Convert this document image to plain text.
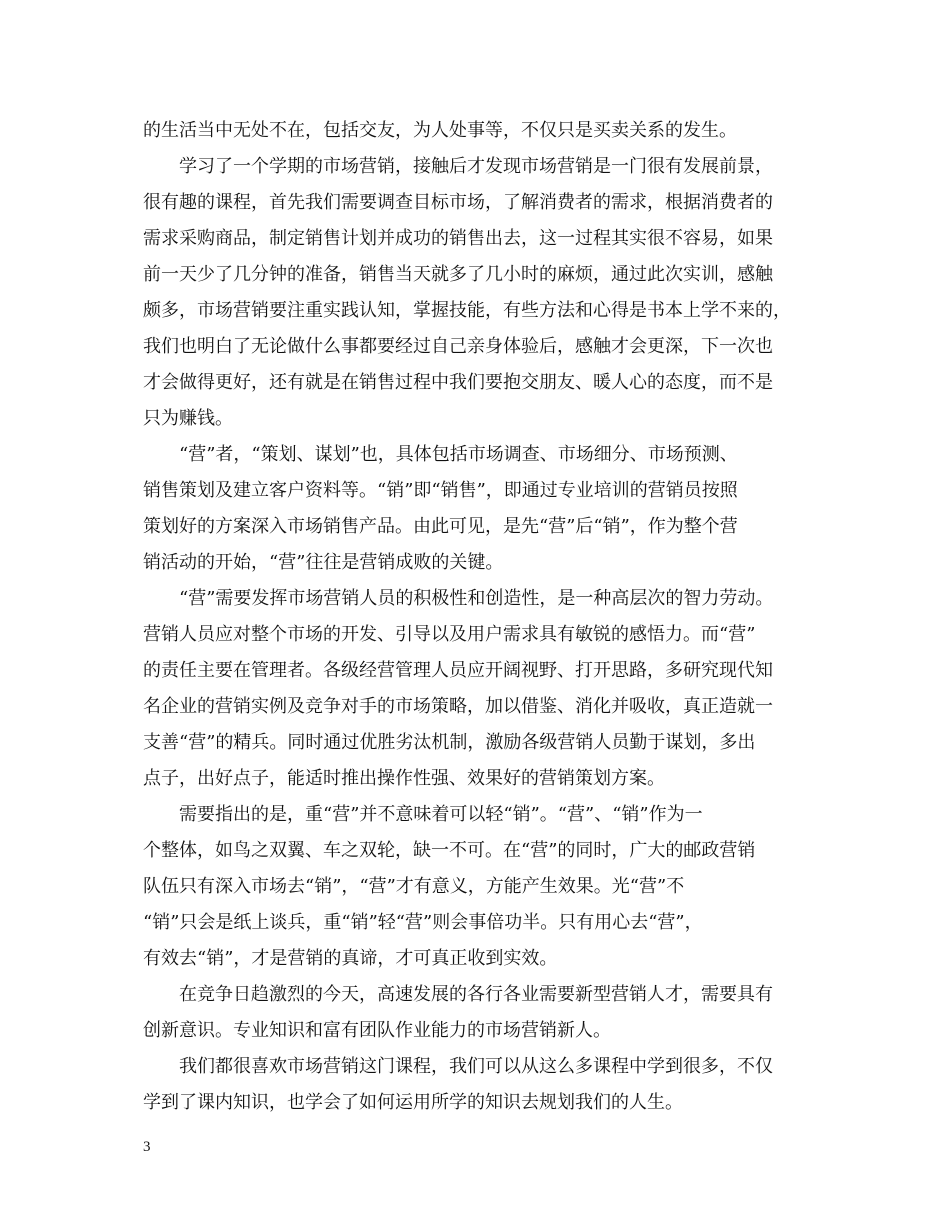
的生活当中无处不在，包括交友，为人处事等，不仅只是买卖关系的发生。
　　学习了一个学期的市场营销，接触后才发现市场营销是一门很有发展前景，
很有趣的课程，首先我们需要调查目标市场，了解消费者的需求，根据消费者的
需求采购商品，制定销售计划并成功的销售出去，这一过程其实很不容易，如果
前一天少了几分钟的准备，销售当天就多了几小时的麻烦，通过此次实训，感触
颇多，市场营销要注重实践认知，掌握技能，有些方法和心得是书本上学不来的，
我们也明白了无论做什么事都要经过自己亲身体验后，感触才会更深，下一次也
才会做得更好，还有就是在销售过程中我们要抱交朋友、暖人心的态度，而不是
只为赚钱。
　　“营”者，“策划、谋划”也，具体包括市场调查、市场细分、市场预测、
销售策划及建立客户资料等。“销”即“销售”，即通过专业培训的营销员按照
策划好的方案深入市场销售产品。由此可见，是先“营”后“销”，作为整个营
销活动的开始，“营”往往是营销成败的关键。
　　“营”需要发挥市场营销人员的积极性和创造性，是一种高层次的智力劳动。
营销人员应对整个市场的开发、引导以及用户需求具有敏锐的感悟力。而“营”
的责任主要在管理者。各级经营管理人员应开阔视野、打开思路，多研究现代知
名企业的营销实例及竞争对手的市场策略，加以借鉴、消化并吸收，真正造就一
支善“营”的精兵。同时通过优胜劣汰机制，激励各级营销人员勤于谋划，多出
点子，出好点子，能适时推出操作性强、效果好的营销策划方案。
　　需要指出的是，重“营”并不意味着可以轻“销”。“营”、“销”作为一
个整体，如鸟之双翼、车之双轮，缺一不可。在“营”的同时，广大的邮政营销
队伍只有深入市场去“销”，“营”才有意义，方能产生效果。光“营”不
“销”只会是纸上谈兵，重“销”轻“营”则会事倍功半。只有用心去“营”，
有效去“销”，才是营销的真谛，才可真正收到实效。
　　在竞争日趋激烈的今天，高速发展的各行各业需要新型营销人才，需要具有
创新意识。专业知识和富有团队作业能力的市场营销新人。
　　我们都很喜欢市场营销这门课程，我们可以从这么多课程中学到很多，不仅
学到了课内知识，也学会了如何运用所学的知识去规划我们的人生。
3
